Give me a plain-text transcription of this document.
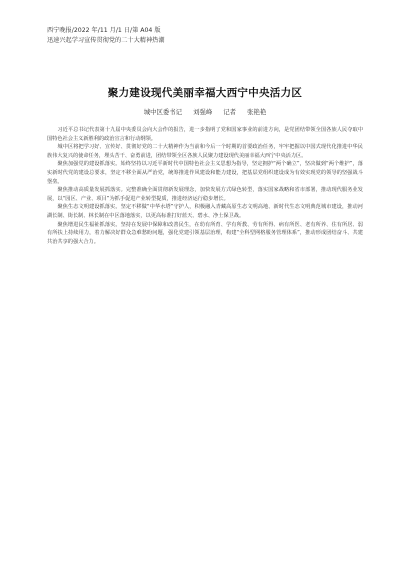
西宁晚报/2022 年/11 月/1 日/第 A04 版
迅速兴起学习宣传贯彻党的二十大精神热潮
聚力建设现代美丽幸福大西宁中央活力区
城中区委书记 刘强峰 记者 张艳艳

习近平总书记代表第十九届中央委员会向大会作的报告，进一步指明了党和国家事业的前进方向，是党团结带领全国各族人民夺取中国特色社会主义新胜利的政治宣言和行动纲领。

城中区将把学习好、宣传好、贯彻好党的二十大精神作为当前和今后一个时期的首要政治任务，牢牢把握以中国式现代化推进中华民族伟大复兴的使命任务，埋头苦干、奋勇前进，团结带领全区各族人民聚力建设现代美丽幸福大西宁中央活力区。

聚焦加强党的建设抓落实。始终坚持以习近平新时代中国特色社会主义思想为指导，坚定拥护“两个确立”，坚决做到“两个维护”，落实新时代党的建设总要求，坚定不移全面从严治党，统筹推进作风建设和能力建设，把基层党组织建设成为有效实现党的领导的坚强战斗堡垒。

聚焦推动高质量发展抓落实。完整准确全面贯彻新发展理念，加快发展方式绿色转型，落实国家战略和省市部署，推动现代服务业发展，以“园区、产业、项目”为抓手促进产业转型提质，推进经济运行稳步增长。

聚焦生态文明建设抓落实。坚定不移做“中华水塔”守护人，积极融入青藏高原生态文明高地、新时代生态文明典范城市建设，推动河湖长制、街长制、林长制在中区落地落实，以更高标准打好蓝天、碧水、净土保卫战。

聚焦增进民生福祉抓落实。坚持在发展中保障和改善民生，在幼有所育、学有所教、劳有所得、病有所医、老有所养、住有所居、弱有所扶上持续用力，着力解决好群众急难愁盼问题，强化党建引领基层治理，构建“全科型网格服务管理体系”，推动形成团结奋斗、共建共治共享的强大合力。
